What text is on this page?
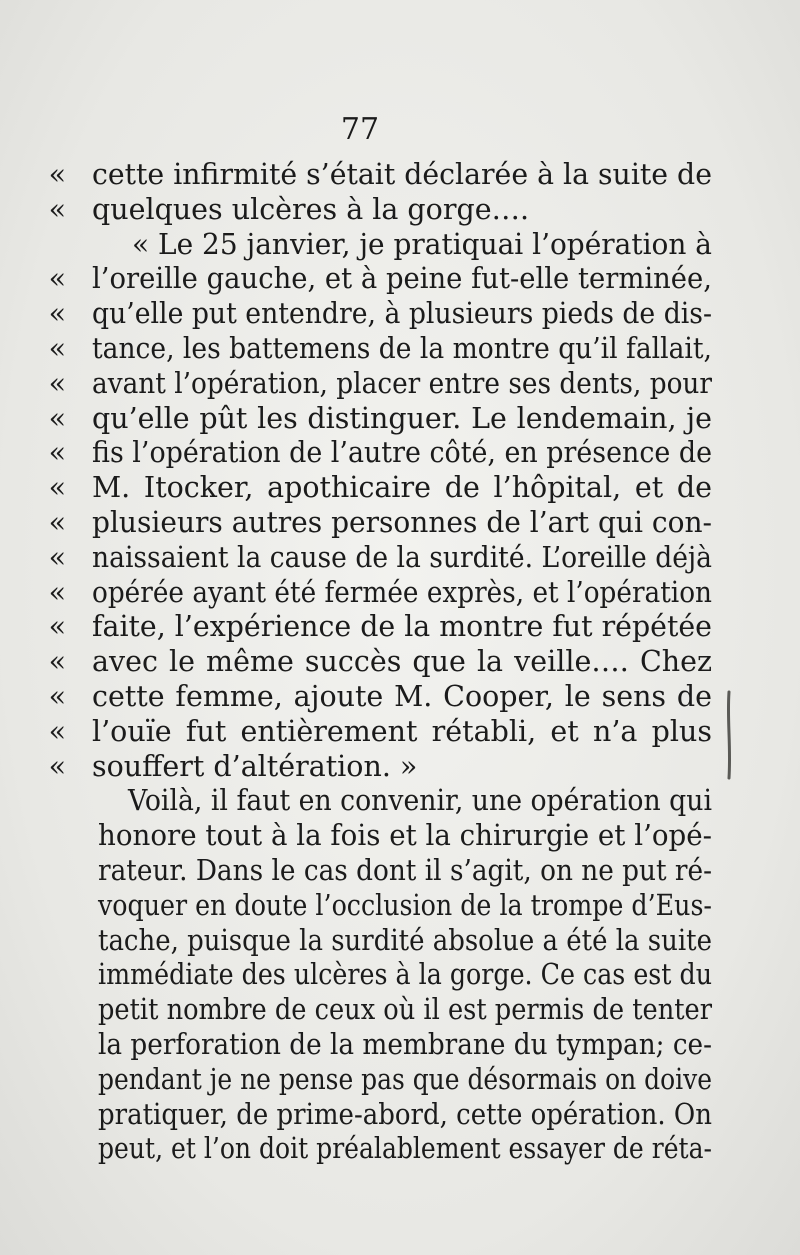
77
« cette infirmité s’était déclarée à la suite de
« quelques ulcères à la gorge….
« Le 25 janvier, je pratiquai l’opération à
« l’oreille gauche, et à peine fut-elle terminée,
« qu’elle put entendre, à plusieurs pieds de dis-
« tance, les battemens de la montre qu’il fallait,
« avant l’opération, placer entre ses dents, pour
« qu’elle pût les distinguer. Le lendemain, je
« fis l’opération de l’autre côté, en présence de
« M. Itocker, apothicaire de l’hôpital, et de
« plusieurs autres personnes de l’art qui con-
« naissaient la cause de la surdité. L’oreille déjà
« opérée ayant été fermée exprès, et l’opération
« faite, l’expérience de la montre fut répétée
« avec le même succès que la veille…. Chez
« cette femme, ajoute M. Cooper, le sens de
« l’ouïe fut entièrement rétabli, et n’a plus
« souffert d’altération. »
Voilà, il faut en convenir, une opération qui
honore tout à la fois et la chirurgie et l’opé-
rateur. Dans le cas dont il s’agit, on ne put ré-
voquer en doute l’occlusion de la trompe d’Eus-
tache, puisque la surdité absolue a été la suite
immédiate des ulcères à la gorge. Ce cas est du
petit nombre de ceux où il est permis de tenter
la perforation de la membrane du tympan; ce-
pendant je ne pense pas que désormais on doive
pratiquer, de prime-abord, cette opération. On
peut, et l’on doit préalablement essayer de réta-
